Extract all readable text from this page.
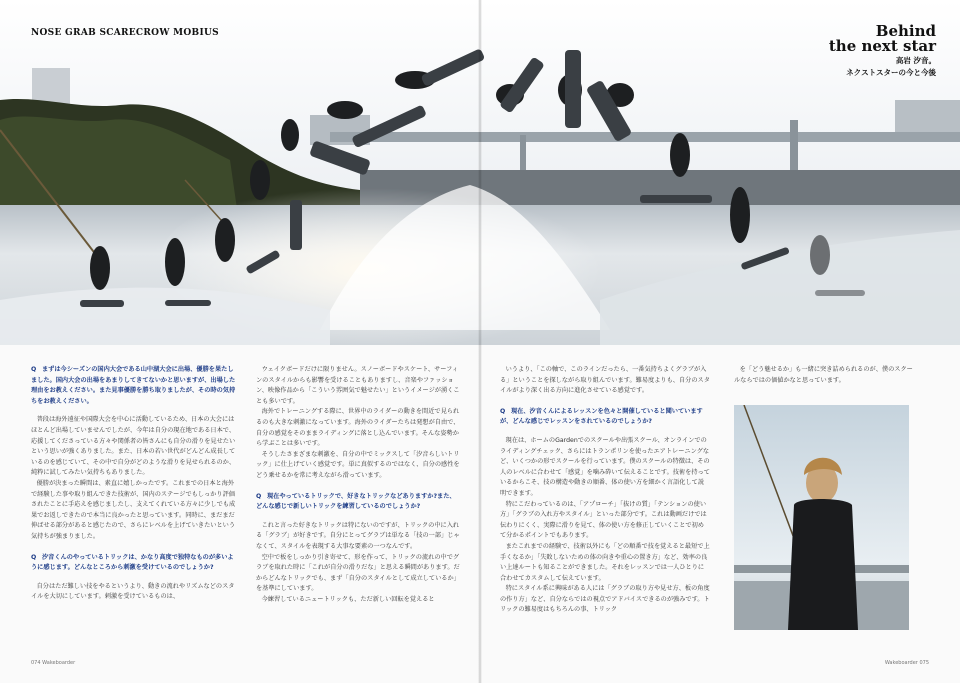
NOSE GRAB SCARECROW MOBIUS	Behind
the next star
高岩 汐音。
ネクストスターの今と今後

Q まずは今シーズンの国内大会である山中湖大会に出場、優勝を果たしました。国内大会の出場をあまりしてきてないかと思いますが、出場した理由をお教えください。また見事優勝を勝ち取りましたが、その時の気持ちをお教えください。

普段は海外遠征や国際大会を中心に活動しているため、日本の大会にはほとんど出場していませんでしたが、今年は自分の現在地である日本で、応援してくださっている方々や関係者の皆さんにも自分の滑りを見せたいという思いが強くありました。また、日本の若い世代がどんどん成長しているのを感じていて、その中で自分がどのような滑りを見せられるのか、純粋に試してみたい気持ちもありました。

優勝が決まった瞬間は、素直に嬉しかったです。これまでの日本と海外で経験した事や取り組んできた技術が、国内のステージでもしっかり評価されたことに手応えを感じましたし、支えてくれている方々に少しでも成果でお返しできたので本当に良かったと思っています。同時に、まだまだ伸ばせる部分があると感じたので、さらにレベルを上げていきたいという気持ちが強まりました。

Q 汐音くんのやっているトリックは、かなり高度で独特なものが多いように感じます。どんなところから刺激を受けているのでしょうか?

自分はただ難しい技をやるというより、動きの流れやリズムなどのスタイルを大切にしています。刺激を受けているものは、

ウェイクボードだけに限りません。スノーボードやスケート、サーフィンのスタイルからも影響を受けることもありますし、音楽やファッション、映像作品から「こういう雰囲気で魅せたい」というイメージが湧くことも多いです。

海外でトレーニングする際に、世界中のライダーの動きを間近で見られるのも大きな刺激になっています。海外のライダーたちは発想が自由で、自分の感覚をそのままライディングに落とし込んでいます。そんな姿勢から学ぶことは多いです。

そうしたさまざまな刺激を、自分の中でミックスして「汐音らしいトリック」に仕上げていく感覚です。単に真似するのではなく、自分の感性をどう乗せるかを常に考えながら滑っています。

Q 現在やっているトリックで、好きなトリックなどありますか?また、どんな感じで新しいトリックを練習しているのでしょうか?

これと言った好きなトリックは特にないのですが、トリックの中に入れる「グラブ」が好きです。自分にとってグラブは単なる「技の一部」じゃなくて、スタイルを表現する大事な要素の一つなんです。

空中で板をしっかり引き寄せて、形を作って、トリックの流れの中でグラブを取れた時に「これが自分の滑りだな」と思える瞬間があります。だからどんなトリックでも、まず「自分のスタイルとして成立しているか」を基準にしています。

今練習しているニュートリックも、ただ新しい回転を覚えると

いうより、「この軸で、このラインだったら、一番気持ちよくグラブが入る」ということを探しながら取り組んでいます。難易度よりも、自分のスタイルがより深く出る方向に進化させている感覚です。

Q 現在、汐音くんによるレッスンを色々と開催していると聞いていますが、どんな感じでレッスンをされているのでしょうか?

現在は、ホームのGardenでのスクールや出張スクール、オンラインでのライディングチェック、さらにはトランポリンを使ったエアトレーニングなど、いくつかの形でスクールを行っています。僕のスクールの特徴は、その人のレベルに合わせて「感覚」を噛み砕いて伝えることです。技術を持っているからこそ、技の構造や動きの順番、体の使い方を細かく言語化して説明できます。

特にこだわっているのは、「アプローチ」「抜けの質」「テンションの使い方」「グラブの入れ方やスタイル」といった部分です。これは動画だけでは伝わりにくく、実際に滑りを見て、体の使い方を修正していくことで初めて分かるポイントでもあります。

またこれまでの経験で、技術以外にも「どの順番で技を覚えると最短で上手くなるか」「失敗しないための体の向きや重心の置き方」など、効率の良い上達ルートも知ることができました。それをレッスンでは一人ひとりに合わせてカスタムして伝えています。

特にスタイル系に興味がある人には「グラブの取り方や見せ方、板の角度の作り方」など、自分ならではの視点でアドバイスできるのが強みです。トリックの難易度はもちろんの事、トリック

を「どう魅せるか」も一緒に突き詰められるのが、僕のスクールならではの価値かなと思っています。

074 Wakeboarder	Wakeboarder 075
